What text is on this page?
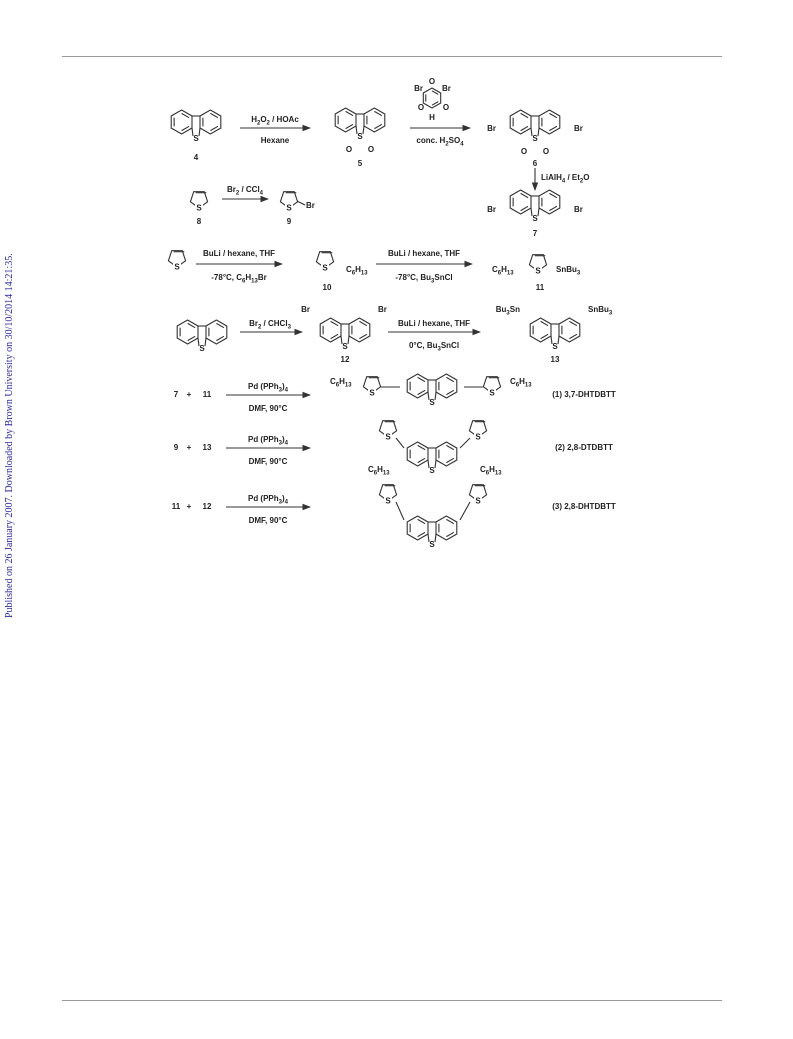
Published on 26 January 2007. Downloaded by Brown University on 30/10/2014 14:21:35.
S
4
$H_2O_2$ / HOAc
Hexane	S
O O
5
Br Br
O
O O
H
conc. $H_2SO_4$
S
O O
Br	Br
6
LiAlH$_4$ / $Et_2O$
S
Br	Br
7
S
8
$Br_2 / CCl_4$
S Br
9
S
BuLi / hexane, THF
-78°C, $C_6H_{13}Br$
S $C_6H_{13}$
10
BuLi / hexane, THF
-78°C, $Bu_3SnCl$
$C_6H_{13}$	S SnBu$_3$
11
S
$Br_2$ / CHCl$_3$
S
Br	Br
12
BuLi / hexane, THF
0°C, $Bu_3SnCl$	S
$Bu_3Sn$	SnBu$_3$
13
7 + 11
Pd $(PPh_3)_4$
DMF, 90°C
(1) 3,7-DHTDBTT
9 + 13
Pd $(PPh_3)_4$
DMF, 90°C
(2) 2,8-DTDBTT
11 + 12
Pd $(PPh_3)_4$
DMF, 90°C
(3) 2,8-DHTDBTT
S
S	S
$C_6H_{13}$	$C_6H_{13}$
S
S	S
S
S	S
$C_6H_{13}$	$C_6H_{13}$
